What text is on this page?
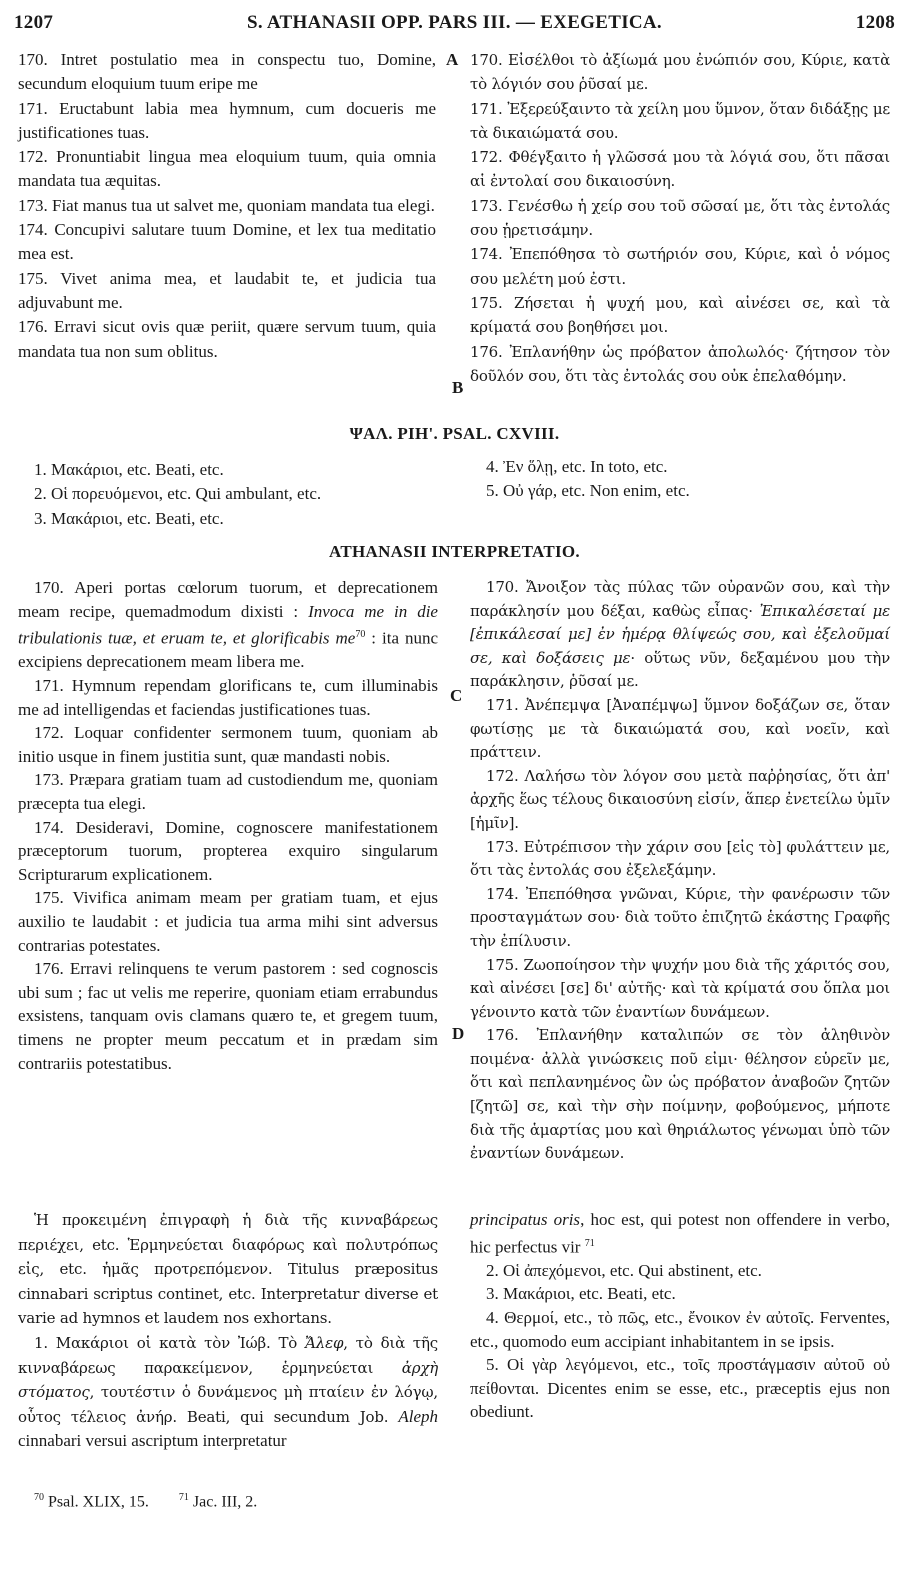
1207	S. ATHANASII OPP. PARS III. — EXEGETICA.	1208

170. Intret postulatio mea in conspectu tuo, Domine, secundum eloquium tuum eripe me

171. Eructabunt labia mea hymnum, cum docueris me justificationes tuas.

172. Pronuntiabit lingua mea eloquium tuum, quia omnia mandata tua æquitas.

173. Fiat manus tua ut salvet me, quoniam mandata tua elegi.

174. Concupivi salutare tuum Domine, et lex tua meditatio mea est.

175. Vivet anima mea, et laudabit te, et judicia tua adjuvabunt me.

176. Erravi sicut ovis quæ periit, quære servum tuum, quia mandata tua non sum oblitus.

170. Εἰσέλθοι τὸ ἀξίωμά μου ἐνώπιόν σου, Κύριε, κατὰ τὸ λόγιόν σου ῥῦσαί με.

171. Ἐξερεύξαιντο τὰ χείλη μου ὕμνον, ὅταν διδάξῃς με τὰ δικαιώματά σου.

172. Φθέγξαιτο ἡ γλῶσσά μου τὰ λόγιά σου, ὅτι πᾶσαι αἱ ἐντολαί σου δικαιοσύνη.

173. Γενέσθω ἡ χείρ σου τοῦ σῶσαί με, ὅτι τὰς ἐντολάς σου ᾑρετισάμην.

174. Ἐπεπόθησα τὸ σωτήριόν σου, Κύριε, καὶ ὁ νόμος σου μελέτη μού ἐστι.

175. Ζήσεται ἡ ψυχή μου, καὶ αἰνέσει σε, καὶ τὰ κρίματά σου βοηθήσει μοι.

176. Ἐπλανήθην ὡς πρόβατον ἀπολωλός· ζήτησον τὸν δοῦλόν σου, ὅτι τὰς ἐντολάς σου οὐκ ἐπελαθόμην.

A
B
ΨΑΛ. ΡΙΗ'. PSAL. CXVIII.

1. Μακάριοι, etc. Beati, etc.

2. Οἱ πορευόμενοι, etc. Qui ambulant, etc.

3. Μακάριοι, etc. Beati, etc.

4. Ἐν ὅλῃ, etc. In toto, etc.

5. Οὐ γάρ, etc. Non enim, etc.

ATHANASII INTERPRETATIO.

170. Aperi portas cœlorum tuorum, et deprecationem meam recipe, quemadmodum dixisti : Invoca me in die tribulationis tuæ, et eruam te, et glorificabis $me^{70}$ : ita nunc excipiens deprecationem meam libera me.

171. Hymnum rependam glorificans te, cum illuminabis me ad intelligendas et faciendas justificationes tuas.

172. Loquar confidenter sermonem tuum, quoniam ab initio usque in finem justitia sunt, quæ mandasti nobis.

173. Præpara gratiam tuam ad custodiendum me, quoniam præcepta tua elegi.

174. Desideravi, Domine, cognoscere manifestationem præceptorum tuorum, propterea exquiro singularum Scripturarum explicationem.

175. Vivifica animam meam per gratiam tuam, et ejus auxilio te laudabit : et judicia tua arma mihi sint adversus contrarias potestates.

176. Erravi relinquens te verum pastorem : sed cognoscis ubi sum ; fac ut velis me reperire, quoniam etiam errabundus exsistens, tanquam ovis clamans quæro te, et gregem tuum, timens ne propter meum peccatum et in prædam sim contrariis potestatibus.

170. Ἄνοιξον τὰς πύλας τῶν οὐρανῶν σου, καὶ τὴν παράκλησίν μου δέξαι, καθὼς εἶπας· Ἐπικαλέσεταί με [ἐπικάλεσαί με] ἐν ἡμέρᾳ θλίψεώς σου, καὶ ἐξελοῦμαί σε, καὶ δοξάσεις με· οὕτως νῦν, δεξαμένου μου τὴν παράκλησιν, ῥῦσαί με.

171. Ἀνέπεμψα [Ἀναπέμψω] ὕμνον δοξάζων σε, ὅταν φωτίσῃς με τὰ δικαιώματά σου, καὶ νοεῖν, καὶ πράττειν.

172. Λαλήσω τὸν λόγον σου μετὰ παῤῥησίας, ὅτι ἀπ' ἀρχῆς ἕως τέλους δικαιοσύνη εἰσίν, ἅπερ ἐνετείλω ὑμῖν [ἡμῖν].

173. Εὐτρέπισον τὴν χάριν σου [εἰς τὸ] φυλάττειν με, ὅτι τὰς ἐντολάς σου ἐξελεξάμην.

174. Ἐπεπόθησα γνῶναι, Κύριε, τὴν φανέρωσιν τῶν προσταγμάτων σου· διὰ τοῦτο ἐπιζητῶ ἑκάστης Γραφῆς τὴν ἐπίλυσιν.

175. Ζωοποίησον τὴν ψυχήν μου διὰ τῆς χάριτός σου, καὶ αἰνέσει [σε] δι' αὐτῆς· καὶ τὰ κρίματά σου ὅπλα μοι γένοιντο κατὰ τῶν ἐναντίων δυνάμεων.

176. Ἐπλανήθην καταλιπών σε τὸν ἀληθινὸν ποιμένα· ἀλλὰ γινώσκεις ποῦ εἰμι· θέλησον εὑρεῖν με, ὅτι καὶ πεπλανημένος ὢν ὡς πρόβατον ἀναβοῶν ζητῶν [ζητῶ] σε, καὶ τὴν σὴν ποίμνην, φοβούμενος, μήποτε διὰ τῆς ἁμαρτίας μου καὶ θηριάλωτος γένωμαι ὑπὸ τῶν ἐναντίων δυνάμεων.

C
D

Ἡ προκειμένη ἐπιγραφὴ ἡ διὰ τῆς κινναβάρεως περιέχει, etc. Ἑρμηνεύεται διαφόρως καὶ πολυτρόπως εἰς, etc. ἡμᾶς προτρεπόμενον. Titulus præpositus cinnabari scriptus continet, etc. Interpretatur diverse et varie ad hymnos et laudem nos exhortans.

1. Μακάριοι οἱ κατὰ τὸν Ἰώβ. Τὸ Ἄλεφ, τὸ διὰ τῆς κινναβάρεως παρακείμενον, ἑρμηνεύεται ἀρχὴ στόματος, τουτέστιν ὁ δυνάμενος μὴ πταίειν ἐν λόγῳ, οὗτος τέλειος ἀνήρ. Beati, qui secundum Job. Aleph cinnabari versui ascriptum interpretatur

principatus oris, hoc est, qui potest non offendere in verbo, hic perfectus vir $^{71}$

2. Οἱ ἀπεχόμενοι, etc. Qui abstinent, etc.

3. Μακάριοι, etc. Beati, etc.

4. Θερμοί, etc., τὸ πῶς, etc., ἔνοικον ἐν αὐτοῖς. Ferventes, etc., quomodo eum accipiant inhabitantem in se ipsis.

5. Οἱ γὰρ λεγόμενοι, etc., τοῖς προστάγμασιν αὐτοῦ οὐ πείθονται. Dicentes enim se esse, etc., præceptis ejus non obediunt.

$^{70}$ Psal. XLIX, 15.	$^{71}$ Jac. III, 2.
